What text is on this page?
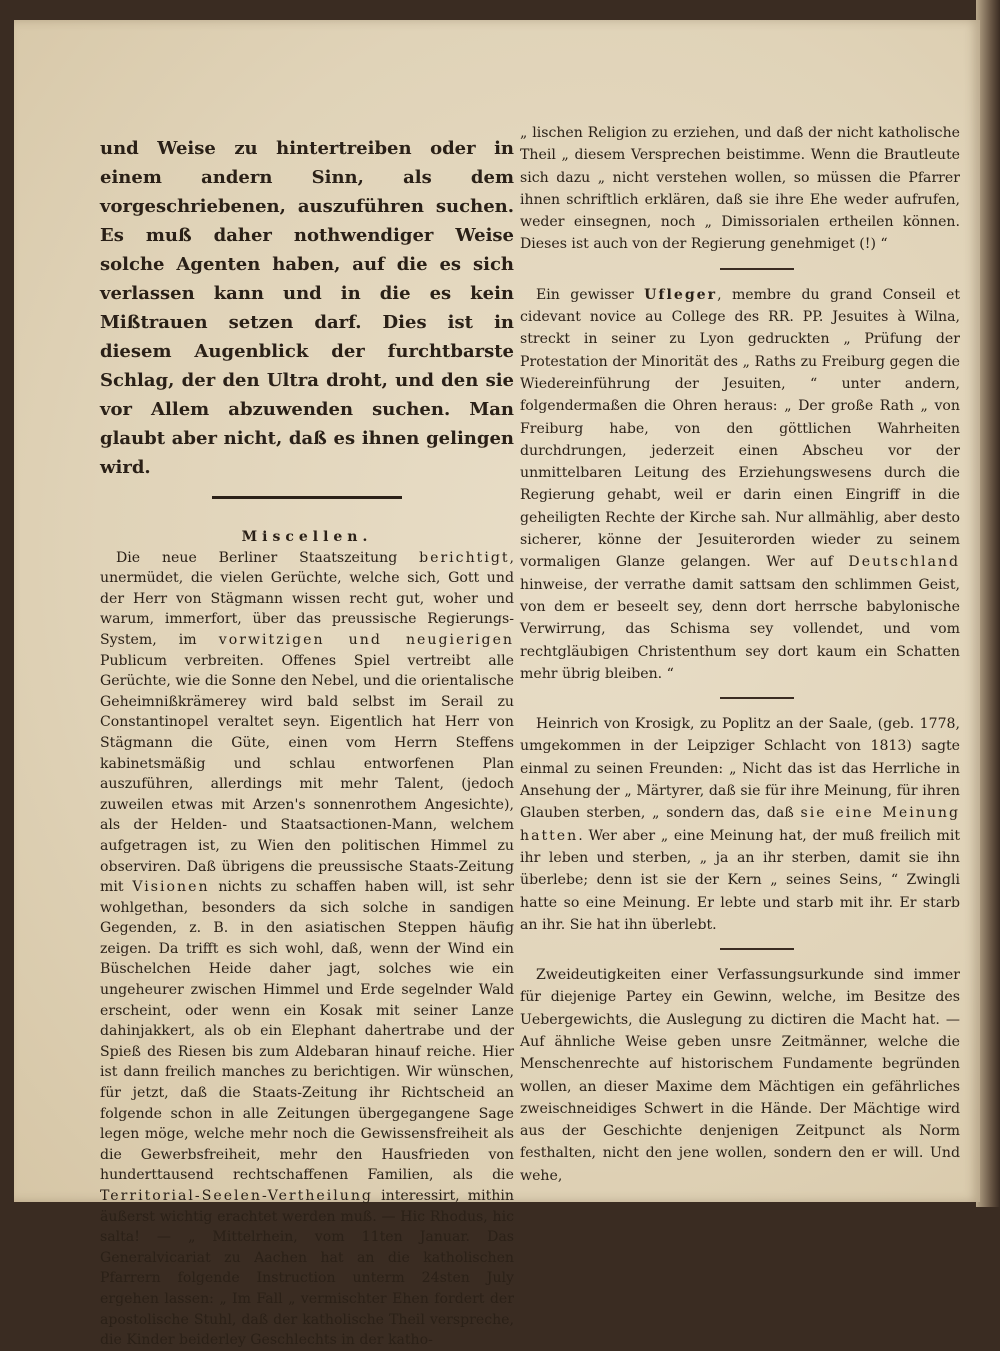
und Weise zu hintertreiben oder in einem andern Sinn, als dem vorgeschriebenen, auszuführen suchen. Es muß daher nothwendiger Weise solche Agenten haben, auf die es sich verlassen kann und in die es kein Mißtrauen setzen darf. Dies ist in diesem Augenblick der furchtbarste Schlag, der den Ultra droht, und den sie vor Allem abzuwenden suchen. Man glaubt aber nicht, daß es ihnen gelingen wird.

Miscellen.

Die neue Berliner Staatszeitung berichtigt, unermüdet, die vielen Gerüchte, welche sich, Gott und der Herr von Stägmann wissen recht gut, woher und warum, immerfort, über das preussische Regierungs-System, im vorwitzigen und neugierigen Publicum verbreiten. Offenes Spiel vertreibt alle Gerüchte, wie die Sonne den Nebel, und die orientalische Geheimnißkrämerey wird bald selbst im Serail zu Constantinopel veraltet seyn. Eigentlich hat Herr von Stägmann die Güte, einen vom Herrn Steffens kabinetsmäßig und schlau entworfenen Plan auszuführen, allerdings mit mehr Talent, (jedoch zuweilen etwas mit Arzen's sonnenrothem Angesichte), als der Helden- und Staatsactionen-Mann, welchem aufgetragen ist, zu Wien den politischen Himmel zu observiren. Daß übrigens die preussische Staats-Zeitung mit Visionen nichts zu schaffen haben will, ist sehr wohlgethan, besonders da sich solche in sandigen Gegenden, z. B. in den asiatischen Steppen häufig zeigen. Da trifft es sich wohl, daß, wenn der Wind ein Büschelchen Heide daher jagt, solches wie ein ungeheurer zwischen Himmel und Erde segelnder Wald erscheint, oder wenn ein Kosak mit seiner Lanze dahinjakkert, als ob ein Elephant dahertrabe und der Spieß des Riesen bis zum Aldebaran hinauf reiche. Hier ist dann freilich manches zu berichtigen. Wir wünschen, für jetzt, daß die Staats-Zeitung ihr Richtscheid an folgende schon in alle Zeitungen übergegangene Sage legen möge, welche mehr noch die Gewissensfreiheit als die Gewerbsfreiheit, mehr den Hausfrieden von hunderttausend rechtschaffenen Familien, als die Territorial-Seelen-Vertheilung interessirt, mithin äußerst wichtig erachtet werden muß. — Hic Rhodus, hic salta! — „ Mittelrhein, vom 11ten Januar. Das Generalvicariat zu Aachen hat an die katholischen Pfarrern folgende Instruction unterm 24sten July ergehen lassen: „ Im Fall „ vermischter Ehen fordert der apostolische Stuhl, daß der katholische Theil verspreche, die Kinder beiderley Geschlechts in der katho-

„ lischen Religion zu erziehen, und daß der nicht katholische Theil „ diesem Versprechen beistimme. Wenn die Brautleute sich dazu „ nicht verstehen wollen, so müssen die Pfarrer ihnen schriftlich erklären, daß sie ihre Ehe weder aufrufen, weder einsegnen, noch „ Dimissorialen ertheilen können. Dieses ist auch von der Regierung genehmiget (!) “

Ein gewisser Ufleger, membre du grand Conseil et cidevant novice au College des RR. PP. Jesuites à Wilna, streckt in seiner zu Lyon gedruckten „ Prüfung der Protestation der Minorität des „ Raths zu Freiburg gegen die Wiedereinführung der Jesuiten, “ unter andern, folgendermaßen die Ohren heraus: „ Der große Rath „ von Freiburg habe, von den göttlichen Wahrheiten durchdrungen, jederzeit einen Abscheu vor der unmittelbaren Leitung des Erziehungswesens durch die Regierung gehabt, weil er darin einen Eingriff in die geheiligten Rechte der Kirche sah. Nur allmählig, aber desto sicherer, könne der Jesuiterorden wieder zu seinem vormaligen Glanze gelangen. Wer auf Deutschland hinweise, der verrathe damit sattsam den schlimmen Geist, von dem er beseelt sey, denn dort herrsche babylonische Verwirrung, das Schisma sey vollendet, und vom rechtgläubigen Christenthum sey dort kaum ein Schatten mehr übrig bleiben. “

Heinrich von Krosigk, zu Poplitz an der Saale, (geb. 1778, umgekommen in der Leipziger Schlacht von 1813) sagte einmal zu seinen Freunden: „ Nicht das ist das Herrliche in Ansehung der „ Märtyrer, daß sie für ihre Meinung, für ihren Glauben sterben, „ sondern das, daß sie eine Meinung hatten. Wer aber „ eine Meinung hat, der muß freilich mit ihr leben und sterben, „ ja an ihr sterben, damit sie ihn überlebe; denn ist sie der Kern „ seines Seins, “ Zwingli hatte so eine Meinung. Er lebte und starb mit ihr. Er starb an ihr. Sie hat ihn überlebt.

Zweideutigkeiten einer Verfassungsurkunde sind immer für diejenige Partey ein Gewinn, welche, im Besitze des Uebergewichts, die Auslegung zu dictiren die Macht hat. — Auf ähnliche Weise geben unsre Zeitmänner, welche die Menschenrechte auf historischem Fundamente begründen wollen, an dieser Maxime dem Mächtigen ein gefährliches zweischneidiges Schwert in die Hände. Der Mächtige wird aus der Geschichte denjenigen Zeitpunct als Norm festhalten, nicht den jene wollen, sondern den er will. Und wehe,
